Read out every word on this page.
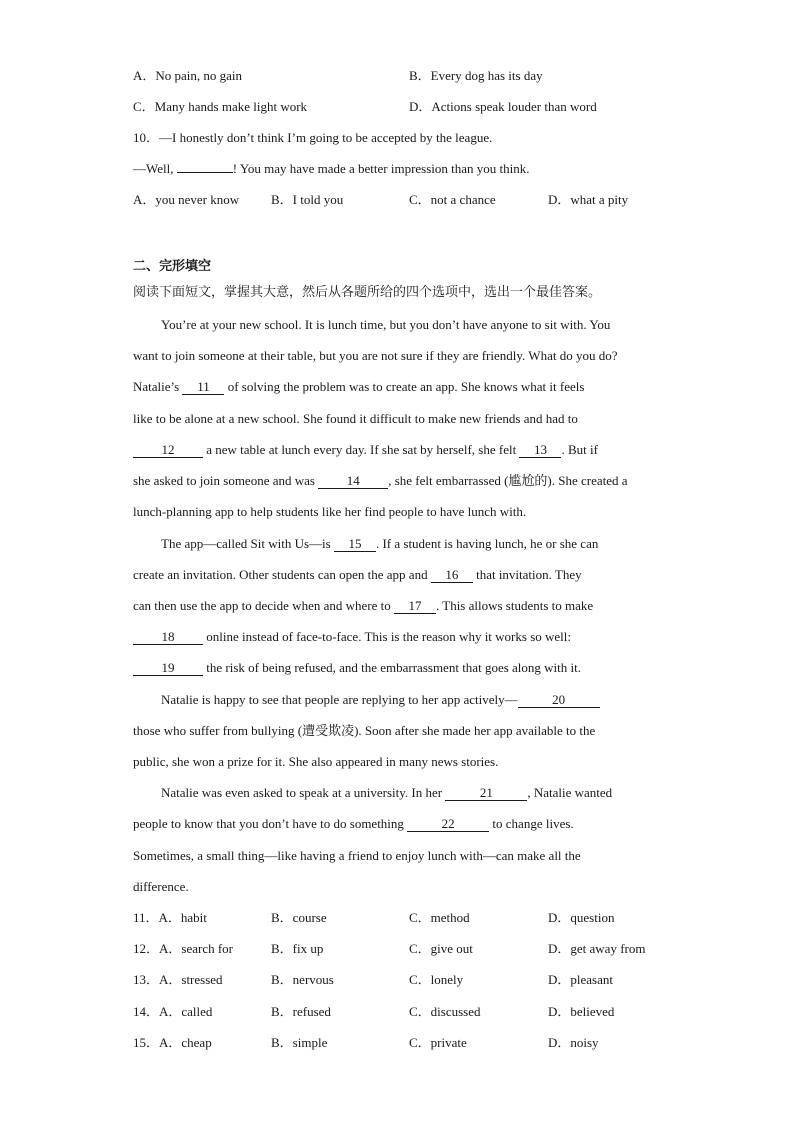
A．No pain, no gain	B．Every dog has its day
C．Many hands make light work	D．Actions speak louder than word
10．—I honestly don’t think I’m going to be accepted by the league.
—Well,	! You may have made a better impression than you think.
A．you never know B．I told you	C．not a chance	D．what a pity
二、完形填空
阅读下面短文，掌握其大意，然后从各题所给的四个选项中，选出一个最佳答案。
You’re at your new school. It is lunch time, but you don’t have anyone to sit with. You
want to join someone at their table, but you are not sure if they are friendly. What do you do?
Natalie’s 11 of solving the problem was to create an app. She knows what it feels
like to be alone at a new school. She found it difficult to make new friends and had to
12 a new table at lunch every day. If she sat by herself, she felt 13 . But if
she asked to join someone and was 14 , she felt embarrassed (尴尬的). She created a
lunch-planning app to help students like her find people to have lunch with.
The app—called Sit with Us—is 15 . If a student is having lunch, he or she can
create an invitation. Other students can open the app and 16 that invitation. They
can then use the app to decide when and where to 17 . This allows students to make
18 online instead of face-to-face. This is the reason why it works so well:
19 the risk of being refused, and the embarrassment that goes along with it.
Natalie is happy to see that people are replying to her app actively—	20
those who suffer from bullying (遭受欺凌). Soon after she made her app available to the
public, she won a prize for it. She also appeared in many news stories.
Natalie was even asked to speak at a university. In her	21	, Natalie wanted
people to know that you don’t have to do something	22	to change lives.
Sometimes, a small thing—like having a friend to enjoy lunch with—can make all the
difference.
11．A．habit	B．course	C．method	D．question
12．A．search for	B．fix up	C．give out	D．get away from
13．A．stressed	B．nervous	C．lonely	D．pleasant
14．A．called	B．refused	C．discussed	D．believed
15．A．cheap	B．simple	C．private	D．noisy
